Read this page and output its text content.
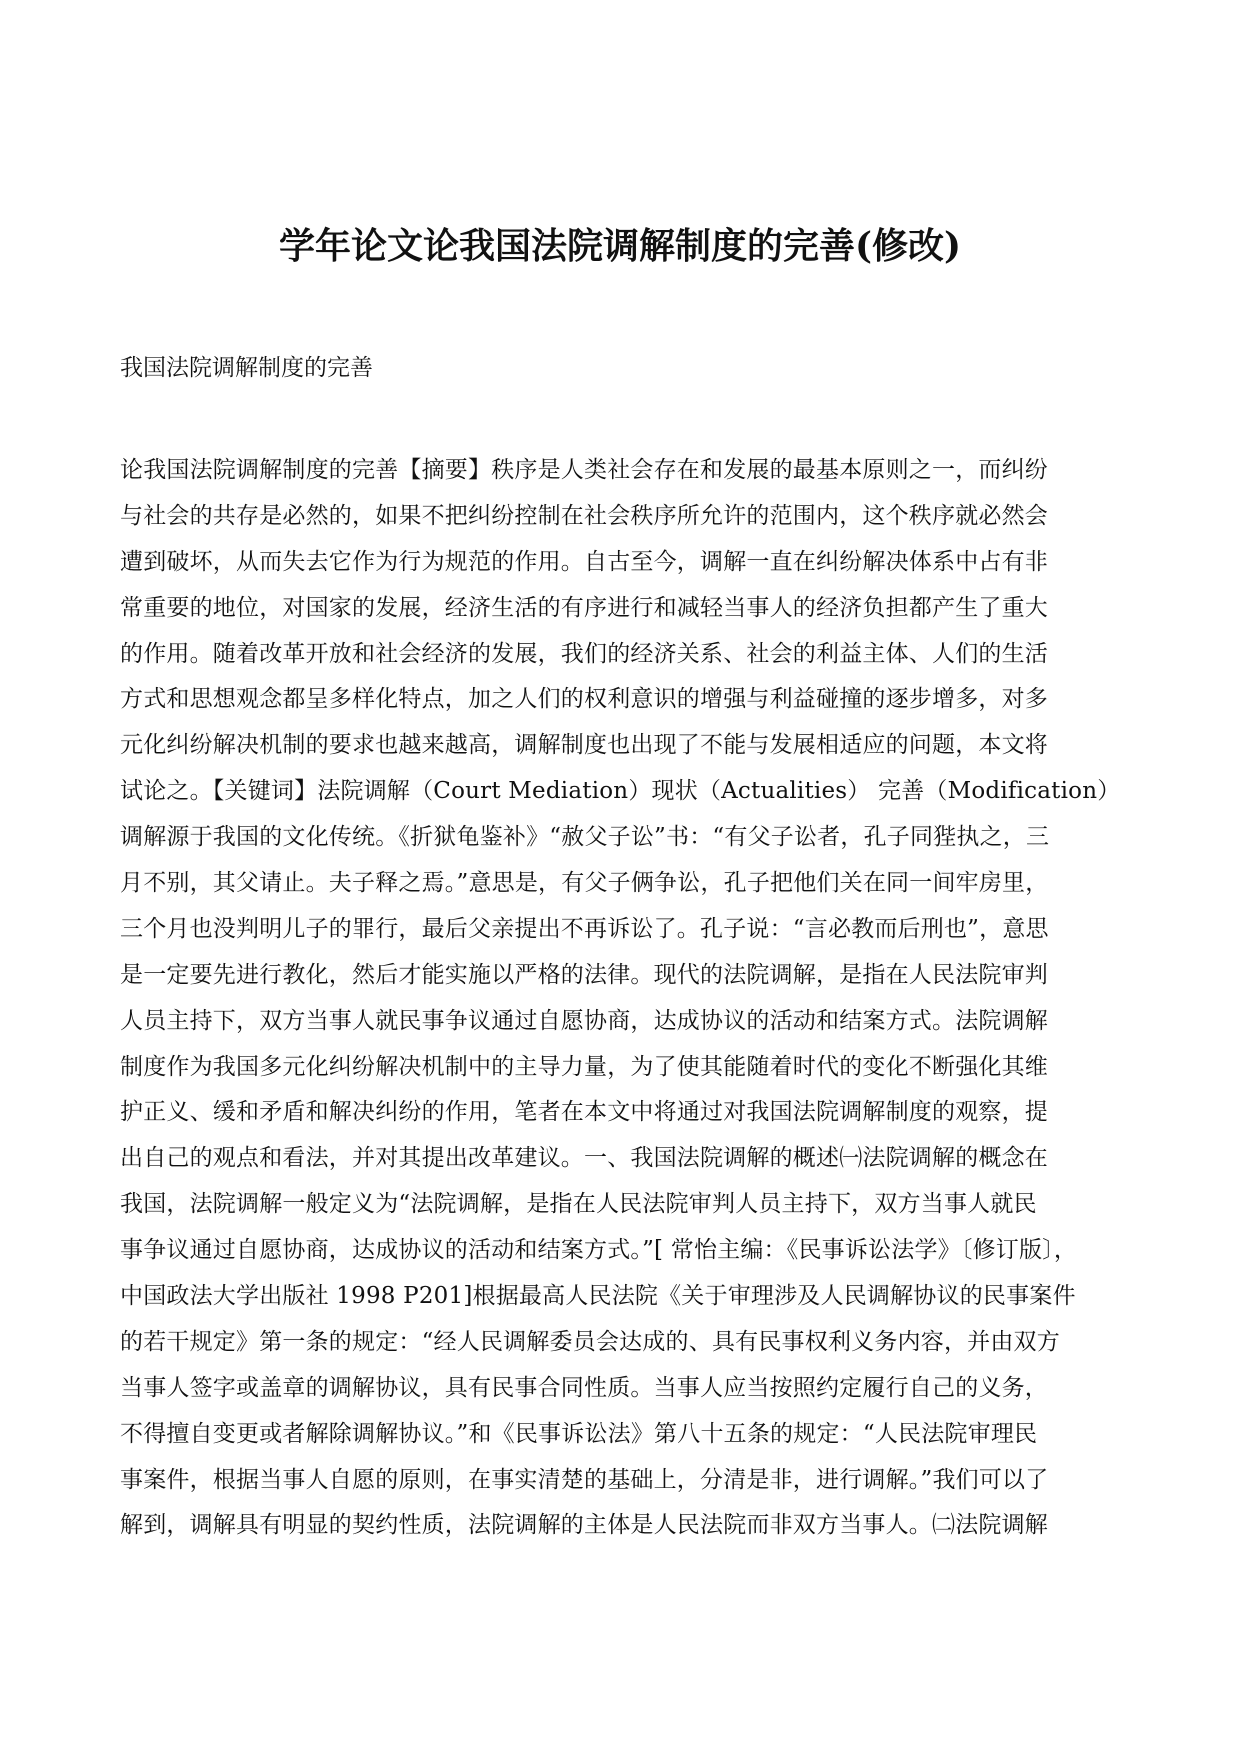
学年论文论我国法院调解制度的完善(修改)

我国法院调解制度的完善

论我国法院调解制度的完善【摘要】秩序是人类社会存在和发展的最基本原则之一，而纠纷
与社会的共存是必然的，如果不把纠纷控制在社会秩序所允许的范围内，这个秩序就必然会
遭到破坏，从而失去它作为行为规范的作用。自古至今，调解一直在纠纷解决体系中占有非
常重要的地位，对国家的发展，经济生活的有序进行和减轻当事人的经济负担都产生了重大
的作用。随着改革开放和社会经济的发展，我们的经济关系、社会的利益主体、人们的生活
方式和思想观念都呈多样化特点，加之人们的权利意识的增强与利益碰撞的逐步增多，对多
元化纠纷解决机制的要求也越来越高，调解制度也出现了不能与发展相适应的问题，本文将
试论之。【关键词】法院调解（Court Mediation）现状（Actualities） 完善（Modification）
调解源于我国的文化传统。《折狱龟鉴补》“赦父子讼”书：“有父子讼者，孔子同狴执之，三
月不别，其父请止。夫子释之焉。”意思是，有父子俩争讼，孔子把他们关在同一间牢房里，
三个月也没判明儿子的罪行，最后父亲提出不再诉讼了。孔子说：“言必教而后刑也”，意思
是一定要先进行教化，然后才能实施以严格的法律。现代的法院调解，是指在人民法院审判
人员主持下，双方当事人就民事争议通过自愿协商，达成协议的活动和结案方式。法院调解
制度作为我国多元化纠纷解决机制中的主导力量，为了使其能随着时代的变化不断强化其维
护正义、缓和矛盾和解决纠纷的作用，笔者在本文中将通过对我国法院调解制度的观察，提
出自己的观点和看法，并对其提出改革建议。一、我国法院调解的概述㈠法院调解的概念在
我国，法院调解一般定义为“法院调解，是指在人民法院审判人员主持下，双方当事人就民
事争议通过自愿协商，达成协议的活动和结案方式。”[ 常怡主编：《民事诉讼法学》〔修订版〕，
中国政法大学出版社 1998 P201]根据最高人民法院《关于审理涉及人民调解协议的民事案件
的若干规定》第一条的规定：“经人民调解委员会达成的、具有民事权利义务内容，并由双方
当事人签字或盖章的调解协议，具有民事合同性质。当事人应当按照约定履行自己的义务，
不得擅自变更或者解除调解协议。”和《民事诉讼法》第八十五条的规定：“人民法院审理民
事案件，根据当事人自愿的原则，在事实清楚的基础上，分清是非，进行调解。”我们可以了
解到，调解具有明显的契约性质，法院调解的主体是人民法院而非双方当事人。㈡法院调解
